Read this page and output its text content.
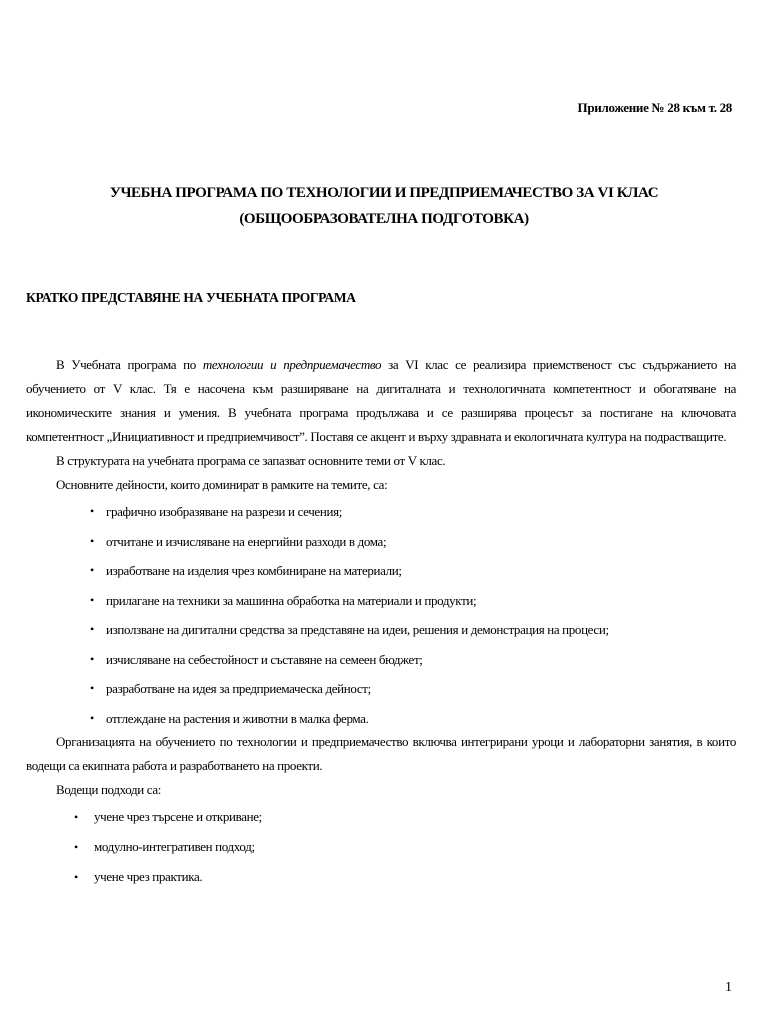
Приложение № 28 към т. 28
УЧЕБНА ПРОГРАМА ПО ТЕХНОЛОГИИ И ПРЕДПРИЕМАЧЕСТВО ЗА VI КЛАС
(ОБЩООБРАЗОВАТЕЛНА ПОДГОТОВКА)
КРАТКО ПРЕДСТАВЯНЕ НА УЧЕБНАТА ПРОГРАМА

В Учебната програма по технологии и предприемачество за VI клас се реализира приемственост със съдържанието на обучението от V клас. Тя е насочена към разширяване на дигиталната и технологичната компетентност и обогатяване на икономическите знания и умения. В учебната програма продължава и се разширява процесът за постигане на ключовата компетентност „Инициативност и предприемчивост”. Поставя се акцент и върху здравната и екологичната култура на подрастващите.

В структурата на учебната програма се запазват основните теми от V клас.

Основните дейности, които доминират в рамките на темите, са:

• графично изобразяване на разрези и сечения;
• отчитане и изчисляване на енергийни разходи в дома;
• изработване на изделия чрез комбиниране на материали;
• прилагане на техники за машинна обработка на материали и продукти;
• използване на дигитални средства за представяне на идеи, решения и демонстрация на процеси;
• изчисляване на себестойност и съставяне на семеен бюджет;
• разработване на идея за предприемаческа дейност;
• отглеждане на растения и животни в малка ферма.

Организацията на обучението по технологии и предприемачество включва интегрирани уроци и лабораторни занятия, в които водещи са екипната работа и разработването на проекти.

Водещи подходи са:

• учене чрез търсене и откриване;
• модулно-интегративен подход;
• учене чрез практика.
1
